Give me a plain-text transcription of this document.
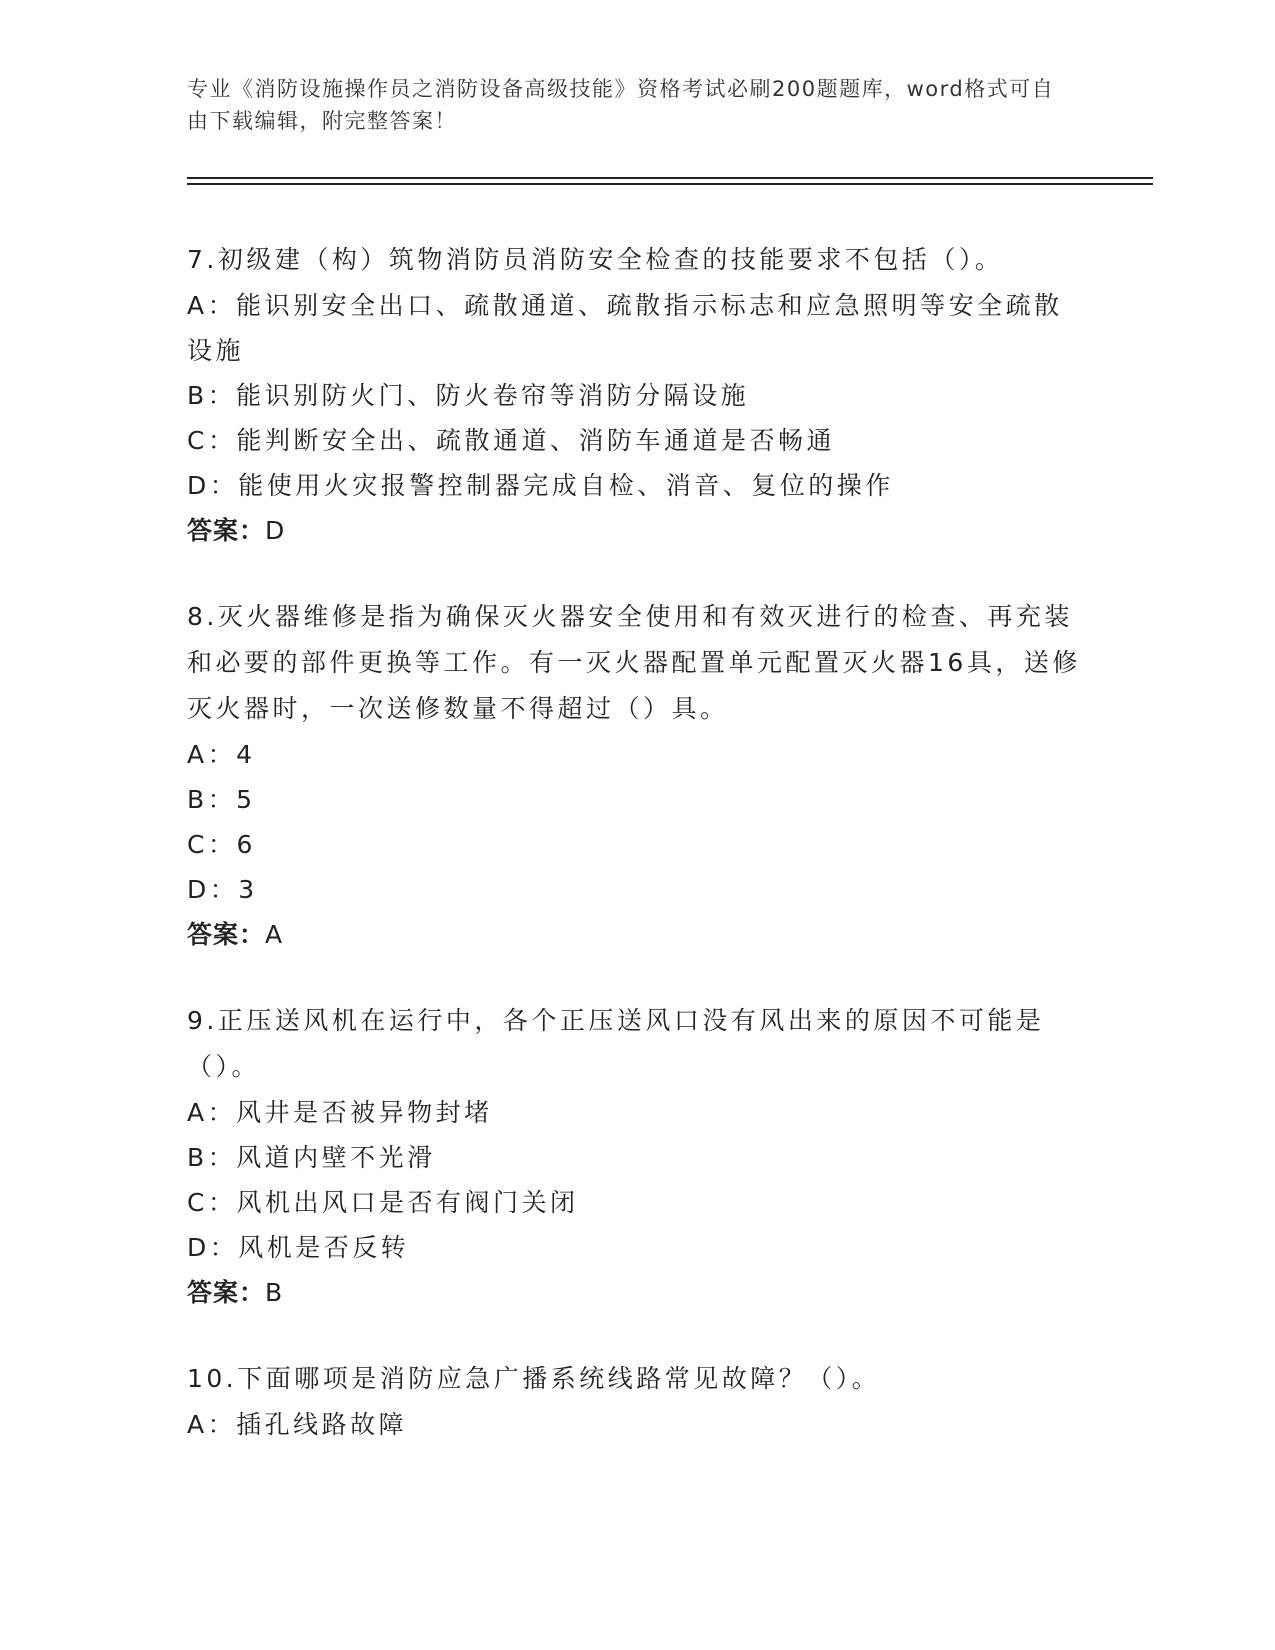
专业《消防设施操作员之消防设备高级技能》资格考试必刷200题题库，word格式可自由下载编辑，附完整答案！

7.初级建（构）筑物消防员消防安全检查的技能要求不包括（）。

A：能识别安全出口、疏散通道、疏散指示标志和应急照明等安全疏散设施

B：能识别防火门、防火卷帘等消防分隔设施

C：能判断安全出、疏散通道、消防车通道是否畅通

D：能使用火灾报警控制器完成自检、消音、复位的操作

答案：D

8.灭火器维修是指为确保灭火器安全使用和有效灭进行的检查、再充装和必要的部件更换等工作。有一灭火器配置单元配置灭火器16具，送修灭火器时，一次送修数量不得超过（）具。

A：4

B：5

C：6

D：3

答案：A

9.正压送风机在运行中，各个正压送风口没有风出来的原因不可能是（）。

A：风井是否被异物封堵

B：风道内壁不光滑

C：风机出风口是否有阀门关闭

D：风机是否反转

答案：B

10.下面哪项是消防应急广播系统线路常见故障？（）。

A：插孔线路故障
